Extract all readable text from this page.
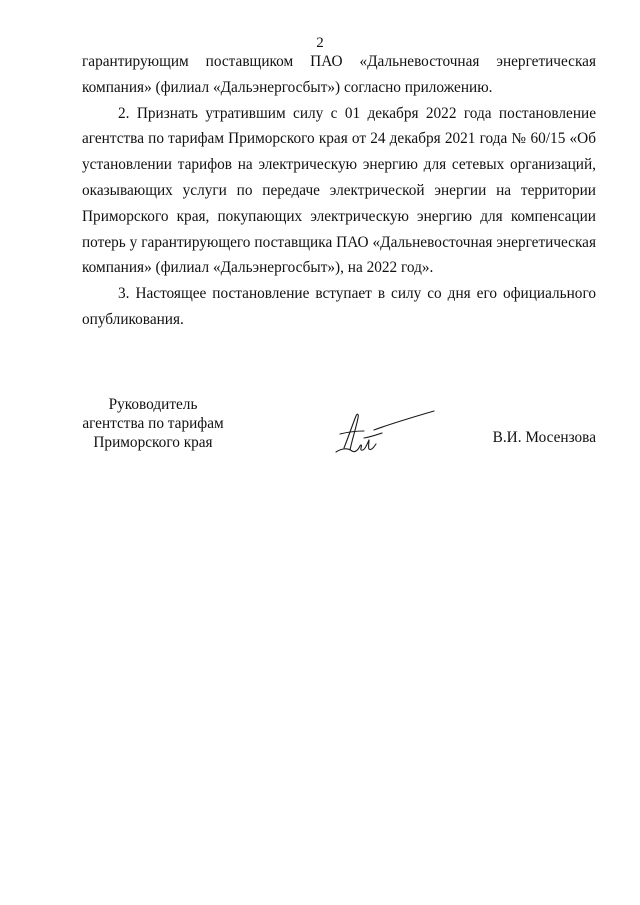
2

гарантирующим поставщиком ПАО «Дальневосточная энергетическая
компания» (филиал «Дальэнергосбыт») согласно приложению.

2. Признать утратившим силу с 01 декабря 2022 года постановление агентства по тарифам Приморского края от 24 декабря 2021 года № 60/15 «Об установлении тарифов на электрическую энергию для сетевых организаций, оказывающих услуги по передаче электрической энергии на территории Приморского края, покупающих электрическую энергию для компенсации потерь у гарантирующего поставщика ПАО «Дальневосточная энергетическая компания» (филиал «Дальэнергосбыт»), на 2022 год».

3. Настоящее постановление вступает в силу со дня его официального опубликования.

Руководитель
агентства по тарифам
Приморского края	В.И. Мосензова
